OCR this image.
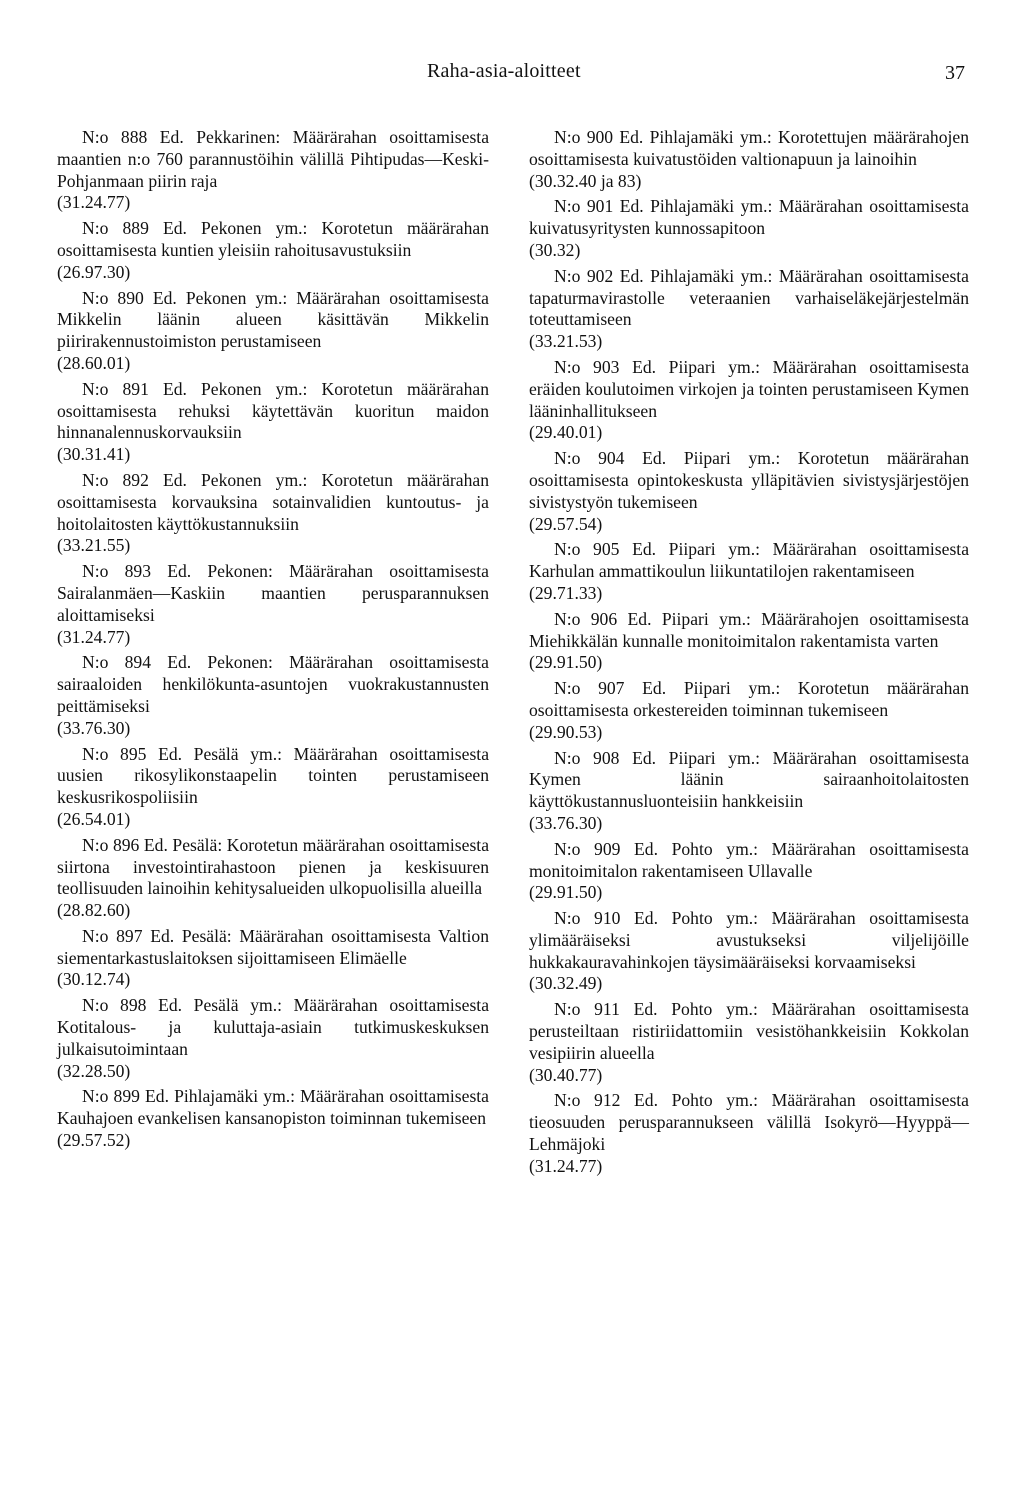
Raha-asia-aloitteet	37

N:o 888 Ed. Pekkarinen: Määrärahan osoittamisesta maantien n:o 760 parannustöihin välillä Pihtipudas—Keski-Pohjanmaan piirin raja

(31.24.77)

N:o 889 Ed. Pekonen ym.: Korotetun määrärahan osoittamisesta kuntien yleisiin rahoitusavustuksiin

(26.97.30)

N:o 890 Ed. Pekonen ym.: Määrärahan osoittamisesta Mikkelin läänin alueen käsittävän Mikkelin piirirakennustoimiston perustamiseen

(28.60.01)

N:o 891 Ed. Pekonen ym.: Korotetun määrärahan osoittamisesta rehuksi käytettävän kuoritun maidon hinnanalennuskorvauksiin

(30.31.41)

N:o 892 Ed. Pekonen ym.: Korotetun määrärahan osoittamisesta korvauksina sotainvalidien kuntoutus- ja hoitolaitosten käyttökustannuksiin

(33.21.55)

N:o 893 Ed. Pekonen: Määrärahan osoittamisesta Sairalanmäen—Kaskiin maantien perusparannuksen aloittamiseksi

(31.24.77)

N:o 894 Ed. Pekonen: Määrärahan osoittamisesta sairaaloiden henkilökunta-asuntojen vuokrakustannusten peittämiseksi

(33.76.30)

N:o 895 Ed. Pesälä ym.: Määrärahan osoittamisesta uusien rikosylikonstaapelin tointen perustamiseen keskusrikospoliisiin

(26.54.01)

N:o 896 Ed. Pesälä: Korotetun määrärahan osoittamisesta siirtona investointirahastoon pienen ja keskisuuren teollisuuden lainoihin kehitysalueiden ulkopuolisilla alueilla

(28.82.60)

N:o 897 Ed. Pesälä: Määrärahan osoittamisesta Valtion siementarkastuslaitoksen sijoittamiseen Elimäelle

(30.12.74)

N:o 898 Ed. Pesälä ym.: Määrärahan osoittamisesta Kotitalous- ja kuluttaja-asiain tutkimuskeskuksen julkaisutoimintaan

(32.28.50)

N:o 899 Ed. Pihlajamäki ym.: Määrärahan osoittamisesta Kauhajoen evankelisen kansanopiston toiminnan tukemiseen

(29.57.52)

N:o 900 Ed. Pihlajamäki ym.: Korotettujen määrärahojen osoittamisesta kuivatustöiden valtionapuun ja lainoihin

(30.32.40 ja 83)

N:o 901 Ed. Pihlajamäki ym.: Määrärahan osoittamisesta kuivatusyritysten kunnossapitoon

(30.32)

N:o 902 Ed. Pihlajamäki ym.: Määrärahan osoittamisesta tapaturmavirastolle veteraanien varhaiseläkejärjestelmän toteuttamiseen

(33.21.53)

N:o 903 Ed. Piipari ym.: Määrärahan osoittamisesta eräiden koulutoimen virkojen ja tointen perustamiseen Kymen lääninhallitukseen

(29.40.01)

N:o 904 Ed. Piipari ym.: Korotetun määrärahan osoittamisesta opintokeskusta ylläpitävien sivistysjärjestöjen sivistystyön tukemiseen

(29.57.54)

N:o 905 Ed. Piipari ym.: Määrärahan osoittamisesta Karhulan ammattikoulun liikuntatilojen rakentamiseen

(29.71.33)

N:o 906 Ed. Piipari ym.: Määrärahojen osoittamisesta Miehikkälän kunnalle monitoimitalon rakentamista varten

(29.91.50)

N:o 907 Ed. Piipari ym.: Korotetun määrärahan osoittamisesta orkestereiden toiminnan tukemiseen

(29.90.53)

N:o 908 Ed. Piipari ym.: Määrärahan osoittamisesta Kymen läänin sairaanhoitolaitosten käyttökustannusluonteisiin hankkeisiin

(33.76.30)

N:o 909 Ed. Pohto ym.: Määrärahan osoittamisesta monitoimitalon rakentamiseen Ullavalle

(29.91.50)

N:o 910 Ed. Pohto ym.: Määrärahan osoittamisesta ylimääräiseksi avustukseksi viljelijöille hukkakauravahinkojen täysimääräiseksi korvaamiseksi

(30.32.49)

N:o 911 Ed. Pohto ym.: Määrärahan osoittamisesta perusteiltaan ristiriidattomiin vesistöhankkeisiin Kokkolan vesipiirin alueella

(30.40.77)

N:o 912 Ed. Pohto ym.: Määrärahan osoittamisesta tieosuuden perusparannukseen välillä Isokyrö—Hyyppä—Lehmäjoki

(31.24.77)
